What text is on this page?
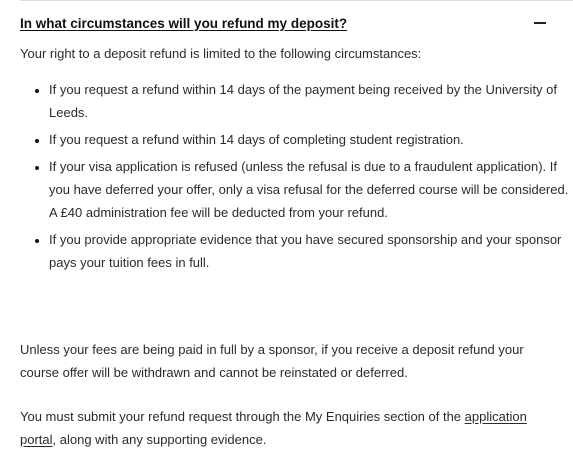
In what circumstances will you refund my deposit?
Your right to a deposit refund is limited to the following circumstances:
• If you request a refund within 14 days of the payment being received by the University of Leeds.
• If you request a refund within 14 days of completing student registration.
• If your visa application is refused (unless the refusal is due to a fraudulent application). If you have deferred your offer, only a visa refusal for the deferred course will be considered. A £40 administration fee will be deducted from your refund.
• If you provide appropriate evidence that you have secured sponsorship and your sponsor pays your tuition fees in full.

Unless your fees are being paid in full by a sponsor, if you receive a deposit refund your course offer will be withdrawn and cannot be reinstated or deferred.

You must submit your refund request through the My Enquiries section of the application portal, along with any supporting evidence.
